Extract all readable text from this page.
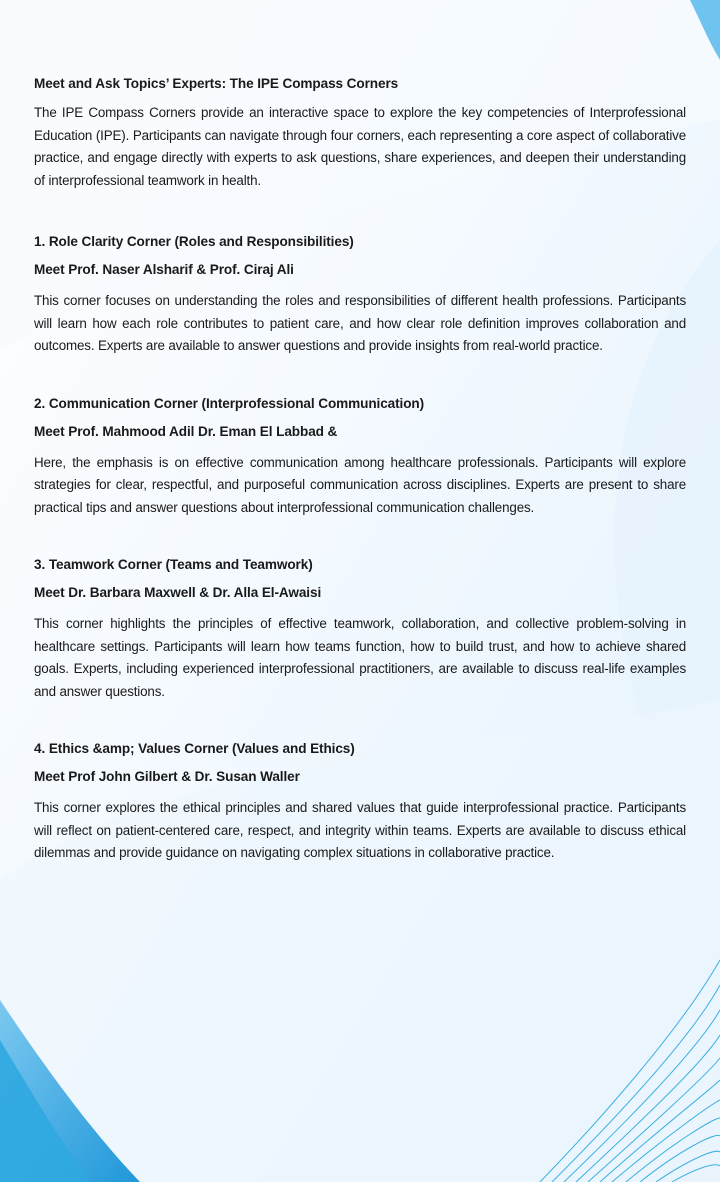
Meet and Ask Topics’ Experts: The IPE Compass Corners

The IPE Compass Corners provide an interactive space to explore the key competencies of Interprofessional Education (IPE). Participants can navigate through four corners, each representing a core aspect of collaborative practice, and engage directly with experts to ask questions, share experiences, and deepen their understanding of interprofessional teamwork in health.

1. Role Clarity Corner (Roles and Responsibilities)

Meet Prof. Naser Alsharif & Prof. Ciraj Ali

This corner focuses on understanding the roles and responsibilities of different health professions. Participants will learn how each role contributes to patient care, and how clear role definition improves collaboration and outcomes. Experts are available to answer questions and provide insights from real-world practice.

2. Communication Corner (Interprofessional Communication)

Meet Prof. Mahmood Adil Dr. Eman El Labbad &

Here, the emphasis is on effective communication among healthcare professionals. Participants will explore strategies for clear, respectful, and purposeful communication across disciplines. Experts are present to share practical tips and answer questions about interprofessional communication challenges.

3. Teamwork Corner (Teams and Teamwork)

Meet Dr. Barbara Maxwell & Dr. Alla El-Awaisi

This corner highlights the principles of effective teamwork, collaboration, and collective problem-solving in healthcare settings. Participants will learn how teams function, how to build trust, and how to achieve shared goals. Experts, including experienced interprofessional practitioners, are available to discuss real-life examples and answer questions.

4. Ethics &amp; Values Corner (Values and Ethics)

Meet Prof John Gilbert & Dr. Susan Waller

This corner explores the ethical principles and shared values that guide interprofessional practice. Participants will reflect on patient-centered care, respect, and integrity within teams. Experts are available to discuss ethical dilemmas and provide guidance on navigating complex situations in collaborative practice.
